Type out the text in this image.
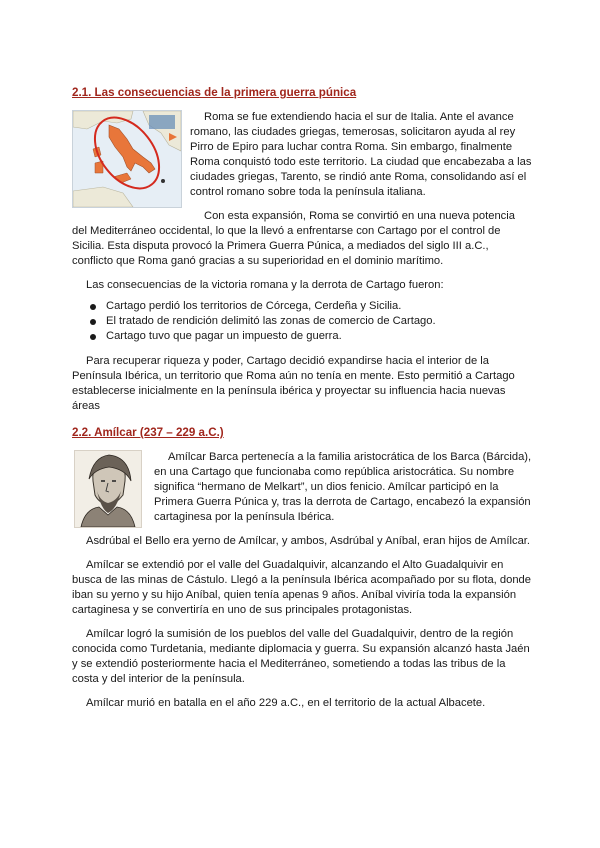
2.1. Las consecuencias de la primera guerra púnica

Roma se fue extendiendo hacia el sur de Italia. Ante el avance romano, las ciudades griegas, temerosas, solicitaron ayuda al rey Pirro de Epiro para luchar contra Roma. Sin embargo, finalmente Roma conquistó todo este territorio. La ciudad que encabezaba a las ciudades griegas, Tarento, se rindió ante Roma, consolidando así el control romano sobre toda la península italiana.

Con esta expansión, Roma se convirtió en una nueva potencia del Mediterráneo occidental, lo que la llevó a enfrentarse con Cartago por el control de Sicilia. Esta disputa provocó la Primera Guerra Púnica, a mediados del siglo III a.C., conflicto que Roma ganó gracias a su superioridad en el dominio marítimo.

Las consecuencias de la victoria romana y la derrota de Cartago fueron:

Cartago perdió los territorios de Córcega, Cerdeña y Sicilia.
El tratado de rendición delimitó las zonas de comercio de Cartago.
Cartago tuvo que pagar un impuesto de guerra.

Para recuperar riqueza y poder, Cartago decidió expandirse hacia el interior de la Península Ibérica, un territorio que Roma aún no tenía en mente. Esto permitió a Cartago establecerse inicialmente en la península ibérica y proyectar su influencia hacia nuevas áreas

2.2. Amílcar (237 – 229 a.C.)

Amílcar Barca pertenecía a la familia aristocrática de los Barca (Bárcida), en una Cartago que funcionaba como república aristocrática. Su nombre significa “hermano de Melkart”, un dios fenicio. Amílcar participó en la Primera Guerra Púnica y, tras la derrota de Cartago, encabezó la expansión cartaginesa por la península Ibérica.

Asdrúbal el Bello era yerno de Amílcar, y ambos, Asdrúbal y Aníbal, eran hijos de Amílcar.

Amílcar se extendió por el valle del Guadalquivir, alcanzando el Alto Guadalquivir en busca de las minas de Cástulo. Llegó a la península Ibérica acompañado por su flota, donde iban su yerno y su hijo Aníbal, quien tenía apenas 9 años. Aníbal viviría toda la expansión cartaginesa y se convertiría en uno de sus principales protagonistas.

Amílcar logró la sumisión de los pueblos del valle del Guadalquivir, dentro de la región conocida como Turdetania, mediante diplomacia y guerra. Su expansión alcanzó hasta Jaén y se extendió posteriormente hacia el Mediterráneo, sometiendo a todas las tribus de la costa y del interior de la península.

Amílcar murió en batalla en el año 229 a.C., en el territorio de la actual Albacete.
